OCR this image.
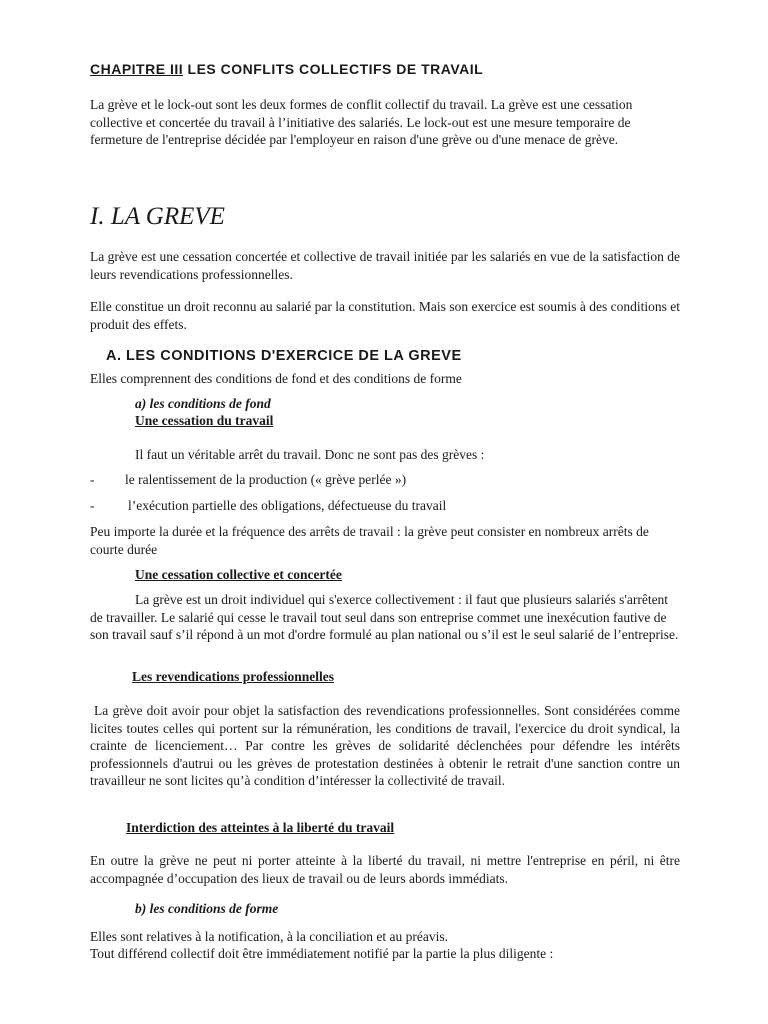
CHAPITRE III LES CONFLITS COLLECTIFS DE TRAVAIL

La grève et le lock-out sont les deux formes de conflit collectif du travail. La grève est une cessation collective et concertée du travail à l’initiative des salariés. Le lock-out est une mesure temporaire de fermeture de l'entreprise décidée par l'employeur en raison d'une grève ou d'une menace de grève.

I. LA GREVE

La grève est une cessation concertée et collective de travail initiée par les salariés en vue de la satisfaction de leurs revendications professionnelles.

Elle constitue un droit reconnu au salarié par la constitution. Mais son exercice est soumis à des conditions et produit des effets.

A. LES CONDITIONS D'EXERCICE DE LA GREVE

Elles comprennent des conditions de fond et des conditions de forme

a) les conditions de fond
Une cessation du travail

Il faut un véritable arrêt du travail. Donc ne sont pas des grèves :

- le ralentissement de la production (« grève perlée »)
- l’exécution partielle des obligations, défectueuse du travail

Peu importe la durée et la fréquence des arrêts de travail : la grève peut consister en nombreux arrêts de courte durée

Une cessation collective et concertée

La grève est un droit individuel qui s'exerce collectivement : il faut que plusieurs salariés s'arrêtent de travailler. Le salarié qui cesse le travail tout seul dans son entreprise commet une inexécution fautive de son travail sauf s’il répond à un mot d'ordre formulé au plan national ou s’il est le seul salarié de l’entreprise.

Les revendications professionnelles

La grève doit avoir pour objet la satisfaction des revendications professionnelles. Sont considérées comme licites toutes celles qui portent sur la rémunération, les conditions de travail, l'exercice du droit syndical, la crainte de licenciement… Par contre les grèves de solidarité déclenchées pour défendre les intérêts professionnels d'autrui ou les grèves de protestation destinées à obtenir le retrait d'une sanction contre un travailleur ne sont licites qu’à condition d’intéresser la collectivité de travail.

Interdiction des atteintes à la liberté du travail

En outre la grève ne peut ni porter atteinte à la liberté du travail, ni mettre l'entreprise en péril, ni être accompagnée d’occupation des lieux de travail ou de leurs abords immédiats.

b) les conditions de forme

Elles sont relatives à la notification, à la conciliation et au préavis.

Tout différend collectif doit être immédiatement notifié par la partie la plus diligente :
